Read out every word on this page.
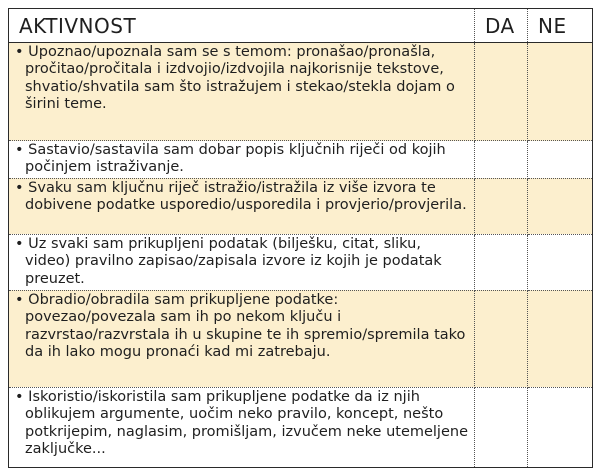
AKTIVNOST	DA	NE

• Upoznao/upoznala sam se s temom: pronašao/pronašla, pročitao/pročitala i izdvojio/izdvojila najkorisnije tekstove, shvatio/shvatila sam što istražujem i stekao/stekla dojam o širini teme.		

• Sastavio/sastavila sam dobar popis ključnih riječi od kojih počinjem istraživanje.		

• Svaku sam ključnu riječ istražio/istražila iz više izvora te dobivene podatke usporedio/usporedila i provjerio/provjerila.		

• Uz svaki sam prikupljeni podatak (bilješku, citat, sliku, video) pravilno zapisao/zapisala izvore iz kojih je podatak preuzet.		

• Obradio/obradila sam prikupljene podatke: povezao/povezala sam ih po nekom ključu i razvrstao/razvrstala ih u skupine te ih spremio/spremila tako da ih lako mogu pronaći kad mi zatrebaju.		

• Iskoristio/iskoristila sam prikupljene podatke da iz njih oblikujem argumente, uočim neko pravilo, koncept, nešto potkrijepim, naglasim, promišljam, izvučem neke utemeljene zaključke...		
